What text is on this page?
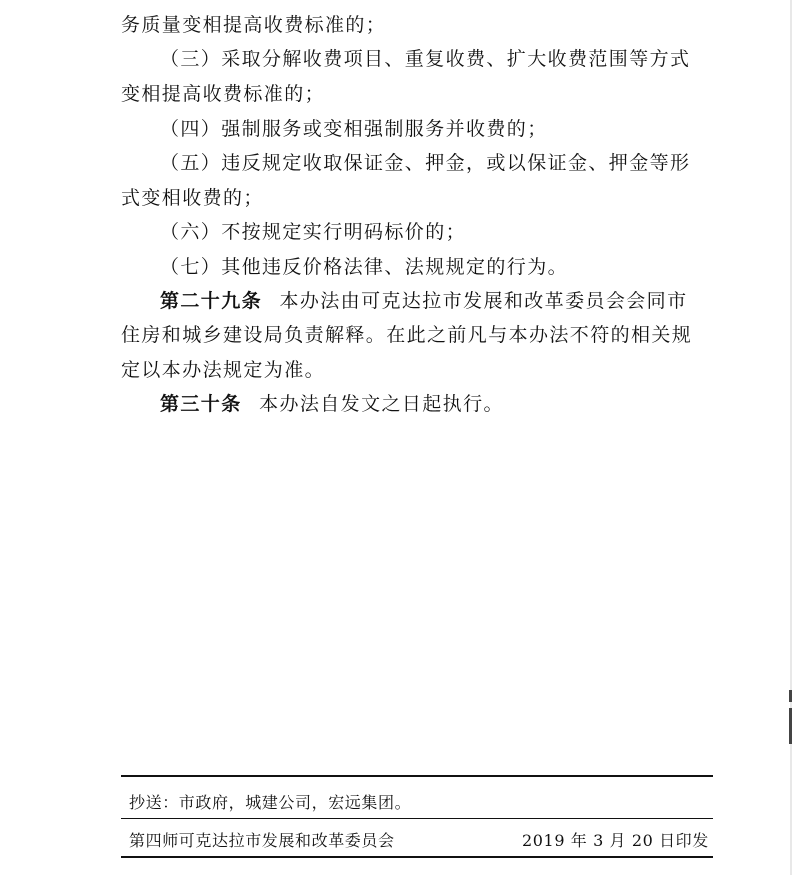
务质量变相提高收费标准的；
（三）采取分解收费项目、重复收费、扩大收费范围等方式
变相提高收费标准的；
（四）强制服务或变相强制服务并收费的；
（五）违反规定收取保证金、押金，或以保证金、押金等形
式变相收费的；
（六）不按规定实行明码标价的；
（七）其他违反价格法律、法规规定的行为。
第二十九条 本办法由可克达拉市发展和改革委员会会同市
住房和城乡建设局负责解释。在此之前凡与本办法不符的相关规
定以本办法规定为准。
第三十条 本办法自发文之日起执行。
抄送：市政府，城建公司，宏远集团。
第四师可克达拉市发展和改革委员会	2019 年 3 月 20 日印发
